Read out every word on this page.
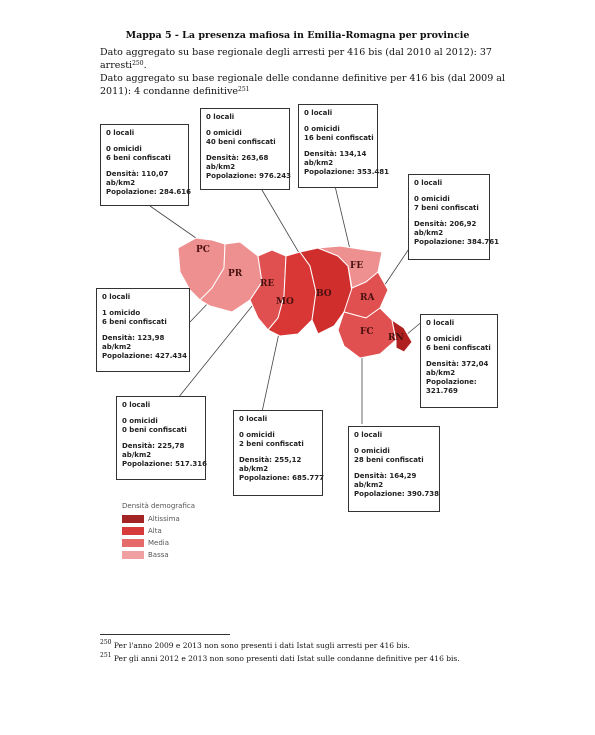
Mappa 5 - La presenza mafiosa in Emilia-Romagna per provincie

Dato aggregato su base regionale degli arresti per 416 bis (dal 2010 al 2012): 37 arresti$^{250}$.

Dato aggregato su base regionale delle condanne definitive per 416 bis (dal 2009 al 2011): 4 condanne definitive$^{251}$

PC
PR
RE
MO
BO
FE
RA
FC
RN
0 locali
0 omicidi
6 beni confiscati
Densità: 110,07
ab/km2
Popolazione: 284.616
0 locali
0 omicidi
40 beni confiscati
Densità: 263,68
ab/km2
Popolazione: 976.243
0 locali
0 omicidi
16 beni confiscati
Densità: 134,14
ab/km2
Popolazione: 353.481
0 locali
0 omicidi
7 beni confiscati
Densità: 206,92
ab/km2
Popolazione: 384.761
0 locali
1 omicido
6 beni confiscati
Densità: 123,98
ab/km2
Popolazione: 427.434
0 locali
0 omicidi
6 beni confiscati
Densità: 372,04
ab/km2
Popolazione:
321.769
0 locali
0 omicidi
0 beni confiscati
Densità: 225,78
ab/km2
Popolazione: 517.316
0 locali
0 omicidi
2 beni confiscati
Densità: 255,12
ab/km2
Popolazione: 685.777
0 locali
0 omicidi
28 beni confiscati
Densità: 164,29
ab/km2
Popolazione: 390.738
Densità demografica
Altissima
Alta
Media
Bassa
$^{250}$ Per l'anno 2009 e 2013 non sono presenti i dati Istat sugli arresti per 416 bis.
$^{251}$ Per gli anni 2012 e 2013 non sono presenti dati Istat sulle condanne definitive per 416 bis.
